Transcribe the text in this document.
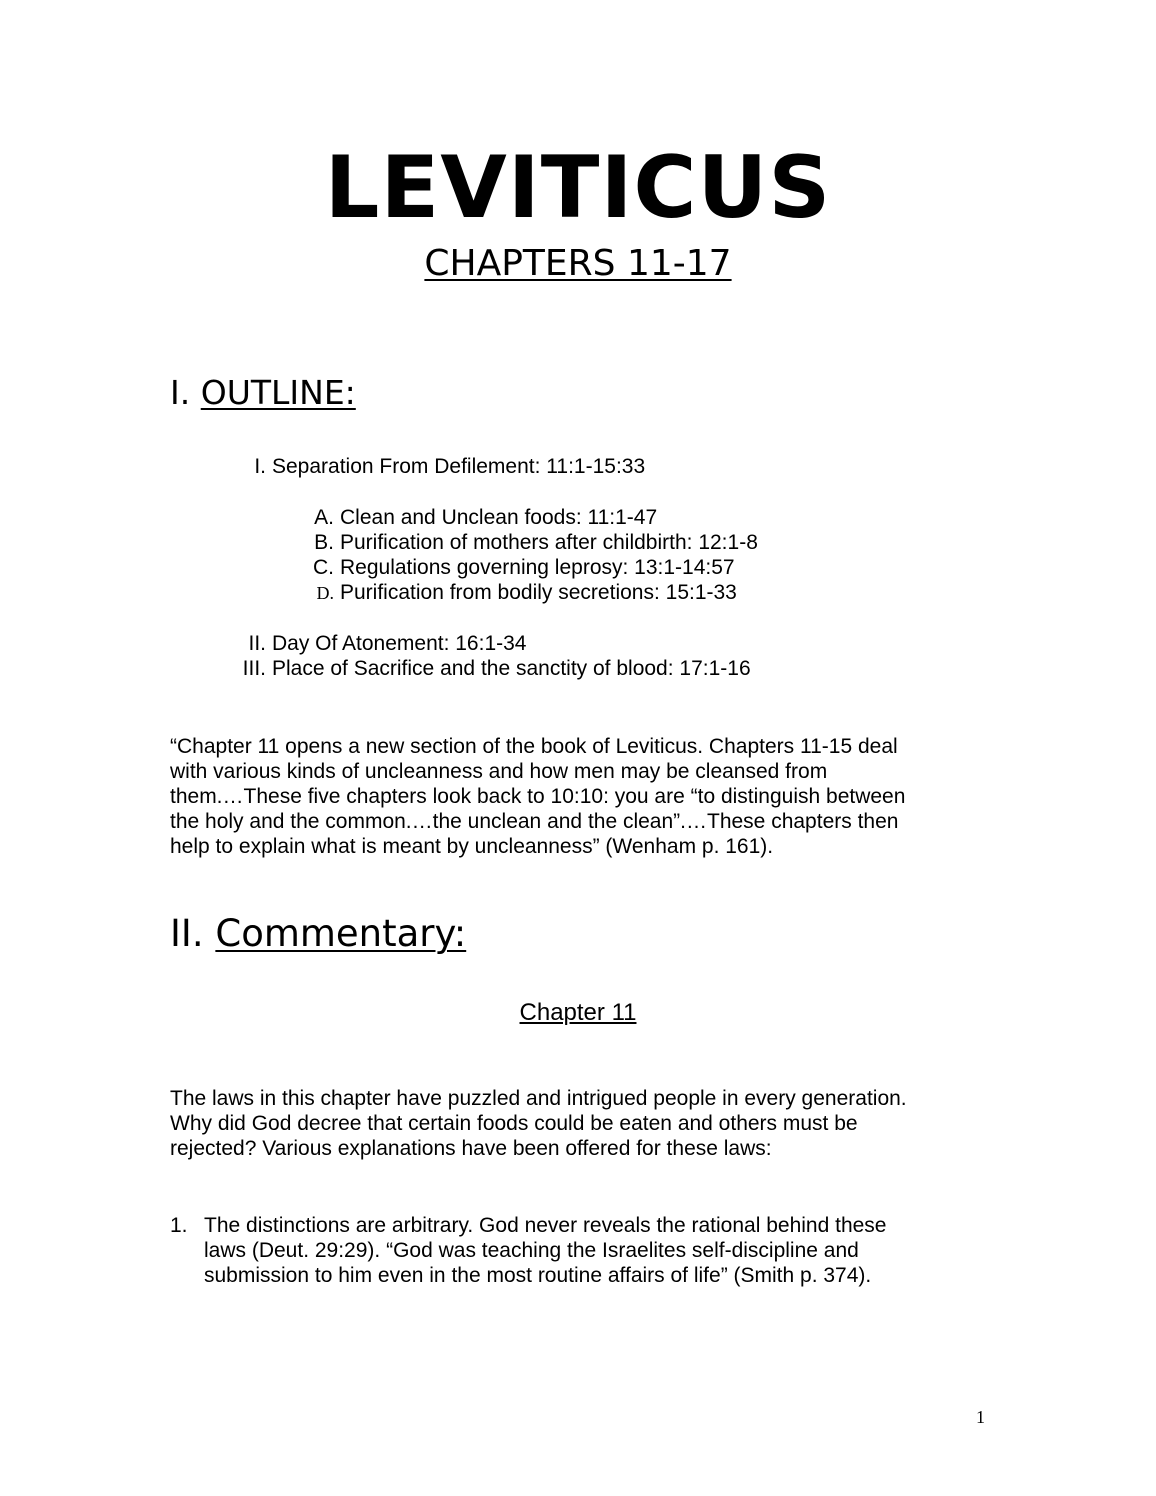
LEVITICUS
CHAPTERS 11-17
I. OUTLINE:
I. Separation From Defilement: 11:1-15:33
A. Clean and Unclean foods: 11:1-47
B. Purification of mothers after childbirth: 12:1-8
C. Regulations governing leprosy: 13:1-14:57
D. Purification from bodily secretions: 15:1-33
II. Day Of Atonement: 16:1-34
III. Place of Sacrifice and the sanctity of blood: 17:1-16
“Chapter 11 opens a new section of the book of Leviticus. Chapters 11-15 deal
with various kinds of uncleanness and how men may be cleansed from
them.…These five chapters look back to 10:10: you are “to distinguish between
the holy and the common.…the unclean and the clean”.…These chapters then
help to explain what is meant by uncleanness” (Wenham p. 161).
II. Commentary:
Chapter 11
The laws in this chapter have puzzled and intrigued people in every generation.
Why did God decree that certain foods could be eaten and others must be
rejected? Various explanations have been offered for these laws:
1. The distinctions are arbitrary. God never reveals the rational behind these
laws (Deut. 29:29). “God was teaching the Israelites self-discipline and
submission to him even in the most routine affairs of life” (Smith p. 374).
1
